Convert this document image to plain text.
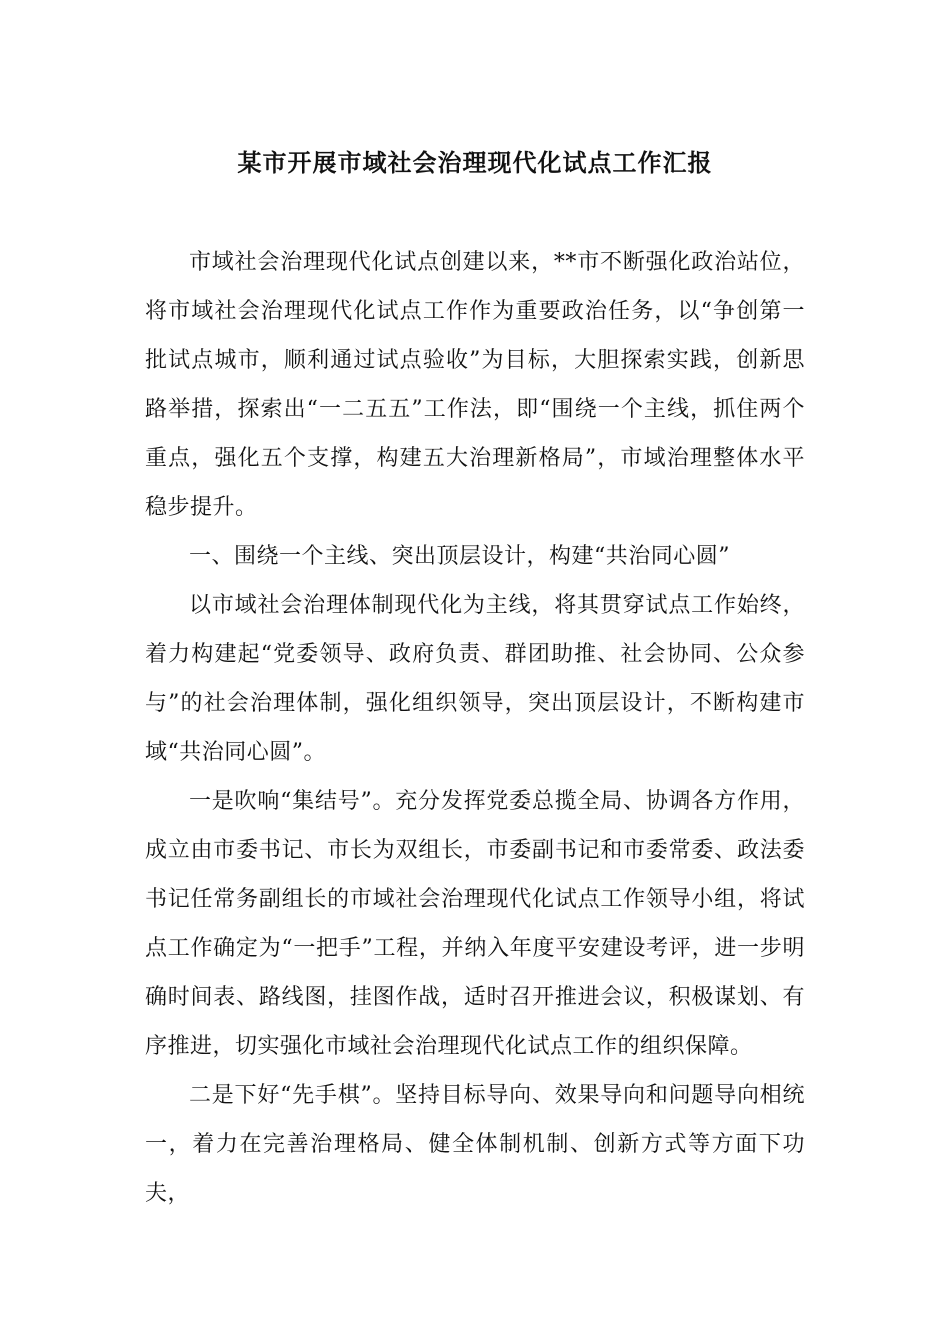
某市开展市域社会治理现代化试点工作汇报

市域社会治理现代化试点创建以来，**市不断强化政治站位，将市域社会治理现代化试点工作作为重要政治任务，以“争创第一批试点城市，顺利通过试点验收”为目标，大胆探索实践，创新思路举措，探索出“一二五五”工作法，即“围绕一个主线，抓住两个重点，强化五个支撑，构建五大治理新格局”，市域治理整体水平稳步提升。

一、围绕一个主线、突出顶层设计，构建“共治同心圆”

以市域社会治理体制现代化为主线，将其贯穿试点工作始终，着力构建起“党委领导、政府负责、群团助推、社会协同、公众参与”的社会治理体制，强化组织领导，突出顶层设计，不断构建市域“共治同心圆”。

一是吹响“集结号”。充分发挥党委总揽全局、协调各方作用，成立由市委书记、市长为双组长，市委副书记和市委常委、政法委书记任常务副组长的市域社会治理现代化试点工作领导小组，将试点工作确定为“一把手”工程，并纳入年度平安建设考评，进一步明确时间表、路线图，挂图作战，适时召开推进会议，积极谋划、有序推进，切实强化市域社会治理现代化试点工作的组织保障。

二是下好“先手棋”。坚持目标导向、效果导向和问题导向相统一，着力在完善治理格局、健全体制机制、创新方式等方面下功夫，
